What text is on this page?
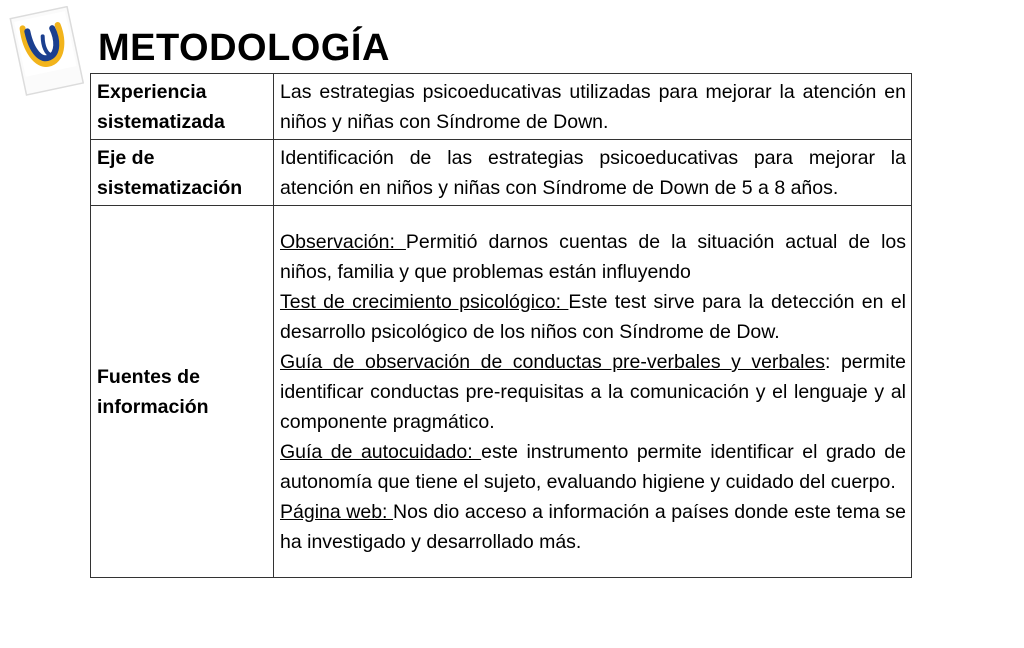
METODOLOGÍA
Experiencia sistematizada	Las estrategias psicoeducativas utilizadas para mejorar la atención en niños y niñas con Síndrome de Down.
Eje de sistematización	Identificación de las estrategias psicoeducativas para mejorar la atención en niños y niñas con Síndrome de Down de 5 a 8 años.
Fuentes de información	Observación: Permitió darnos cuentas de la situación actual de los niños, familia y que problemas están influyendo
Test de crecimiento psicológico: Este test sirve para la detección en el desarrollo psicológico de los niños con Síndrome de Dow.
Guía de observación de conductas pre-verbales y verbales: permite identificar conductas pre-requisitas a la comunicación y el lenguaje y al componente pragmático.
Guía de autocuidado: este instrumento permite identificar el grado de autonomía que tiene el sujeto, evaluando higiene y cuidado del cuerpo.
Página web: Nos dio acceso a información a países donde este tema se ha investigado y desarrollado más.
